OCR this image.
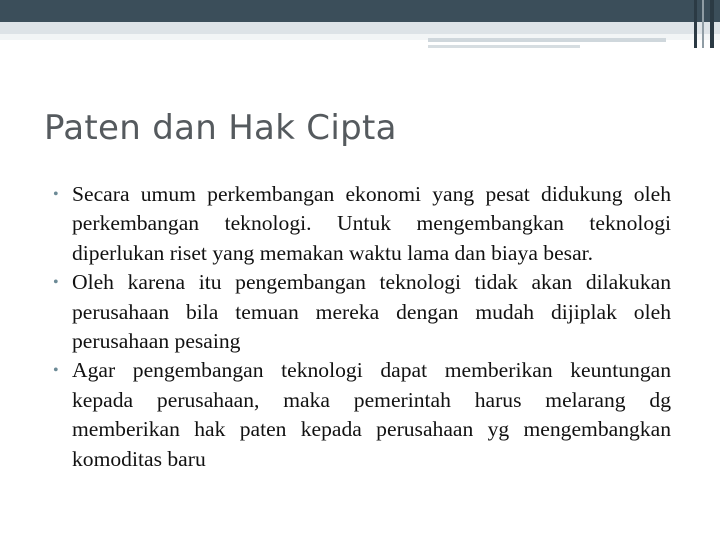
Paten dan Hak Cipta
• Secara umum perkembangan ekonomi yang pesat didukung oleh perkembangan teknologi. Untuk mengembangkan teknologi diperlukan riset yang memakan waktu lama dan biaya besar.
• Oleh karena itu pengembangan teknologi tidak akan dilakukan perusahaan bila temuan mereka dengan mudah dijiplak oleh perusahaan pesaing
• Agar pengembangan teknologi dapat memberikan keuntungan kepada perusahaan, maka pemerintah harus melarang dg memberikan hak paten kepada perusahaan yg mengembangkan komoditas baru
